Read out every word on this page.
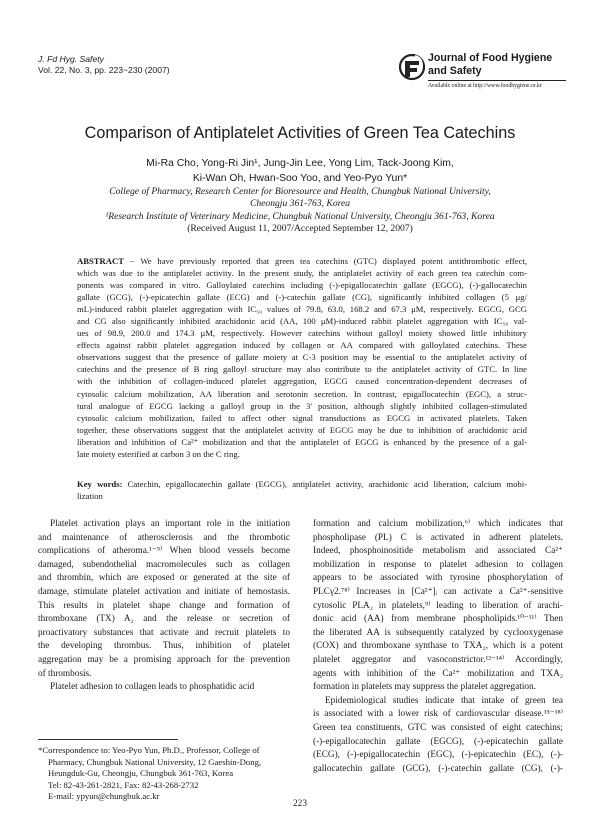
J. Fd Hyg. Safety
Vol. 22, No. 3, pp. 223~230 (2007)
Journal of Food Hygiene
and Safety
Available online at http://www.foodhygiene.or.kr
Comparison of Antiplatelet Activities of Green Tea Catechins
Mi-Ra Cho, Yong-Ri Jin¹, Jung-Jin Lee, Yong Lim, Tack-Joong Kim,
Ki-Wan Oh, Hwan-Soo Yoo, and Yeo-Pyo Yun*
College of Pharmacy, Research Center for Bioresource and Health, Chungbuk National University,
Cheongju 361-763, Korea
¹Research Institute of Veterinary Medicine, Chungbuk National University, Cheongju 361-763, Korea
(Received August 11, 2007/Accepted September 12, 2007)
ABSTRACT − We have previously reported that green tea catechins (GTC) displayed potent antithrombotic effect,
which was due to the antiplatelet activity. In the present study, the antiplatelet activity of each green tea catechin com-
ponents was compared in vitro. Galloylated catechins including (-)-epigallocatechin gallate (EGCG), (-)-gallocatechin
gallate (GCG), (-)-epicatechin gallate (ECG) and (-)-catechin gallate (CG), significantly inhibited collagen (5 μg/
mL)-induced rabbit platelet aggregation with IC₅₀ values of 79.8, 63.0, 168.2 and 67.3 μM, respectively. EGCG, GCG
and CG also significantly inhibited arachidonic acid (AA, 100 μM)-induced rabbit platelet aggregation with IC₅₀ val-
ues of 98.9, 200.0 and 174.3 μM, respectively. However catechins without galloyl moiety showed little inhibitory
effects against rabbit platelet aggregation induced by collagen or AA compared with galloylated catechins. These
observations suggest that the presence of gallate moiety at C-3 position may be essential to the antiplatelet activity of
catechins and the presence of B ring galloyl structure may also contribute to the antiplatelet activity of GTC. In line
with the inhibition of collagen-induced platelet aggregation, EGCG caused concentration-dependent decreases of
cytosolic calcium mobilization, AA liberation and serotonin secretion. In contrast, epigallocatechin (EGC), a struc-
tural analogue of EGCG lacking a galloyl group in the 3' position, although slightly inhibited collagen-stimulated
cytosolic calcium mobilization, failed to affect other signal transductions as EGCG in activated platelets. Taken
together, these observations suggest that the antiplatelet activity of EGCG may be due to inhibition of arachidonic acid
liberation and inhibition of Ca²⁺ mobilization and that the antiplatelet of EGCG is enhanced by the presence of a gal-
late moiety esterified at carbon 3 on the C ring.
Key words: Catechin, epigallocatechin gallate (EGCG), antiplatelet activity, arachidonic acid liberation, calcium mobi-
lization
Platelet activation plays an important role in the initiation
and maintenance of atherosclerosis and the thrombotic
complications of atheroma.¹⁻⁵⁾ When blood vessels become
damaged, subendothelial macromolecules such as collagen
and thrombin, which are exposed or generated at the site of
damage, stimulate platelet activation and initiate of hemostasis.
This results in platelet shape change and formation of
thromboxane (TX) A₂ and the release or secretion of
proactivatory substances that activate and recruit platelets to
the developing thrombus. Thus, inhibition of platelet
aggregation may be a promising approach for the prevention
of thrombosis.
Platelet adhesion to collagen leads to phosphatidic acid
formation and calcium mobilization,⁶⁾ which indicates that
phospholipase (PL) C is activated in adherent platelets.
Indeed, phosphoinositide metabolism and associated Ca²⁺
mobilization in response to platelet adhesion to collagen
appears to be associated with tyrosine phosphorylation of
PLCγ2.⁷⁸⁾ Increases in [Ca²⁺]ᵢ can activate a Ca²⁺-sensitive
cytosolic PLA₂ in platelets,⁹⁾ leading to liberation of arachi-
donic acid (AA) from membrane phospholipids.¹⁰⁻¹¹⁾ Then
the liberated AA is subsequently catalyzed by cyclooxygenase
(COX) and thromboxane synthase to TXA₂, which is a potent
platelet aggregator and vasoconstrictor.¹²⁻¹⁴⁾ Accordingly,
agents with inhibition of the Ca²⁺ mobilization and TXA₂
formation in platelets may suppress the platelet aggregation.
Epidemiological studies indicate that intake of green tea
is associated with a lower risk of cardiovascular disease.¹⁵⁻¹⁸⁾
Green tea constituents, GTC was consisted of eight catechins;
(-)-epigallocatechin gallate (EGCG), (-)-epicatechin gallate
(ECG), (-)-epigallocatechin (EGC), (-)-epicatechin (EC), (-)-
gallocatechin gallate (GCG), (-)-catechin gallate (CG), (-)-
*Correspondence to: Yeo-Pyo Yun, Ph.D., Professor, College of
Pharmacy, Chungbuk National University, 12 Gaeshin-Dong,
Heungduk-Gu, Cheongju, Chungbuk 361-763, Korea
Tel: 82-43-261-2821, Fax: 82-43-268-2732
E-mail: ypyun@chungbuk.ac.kr
223
